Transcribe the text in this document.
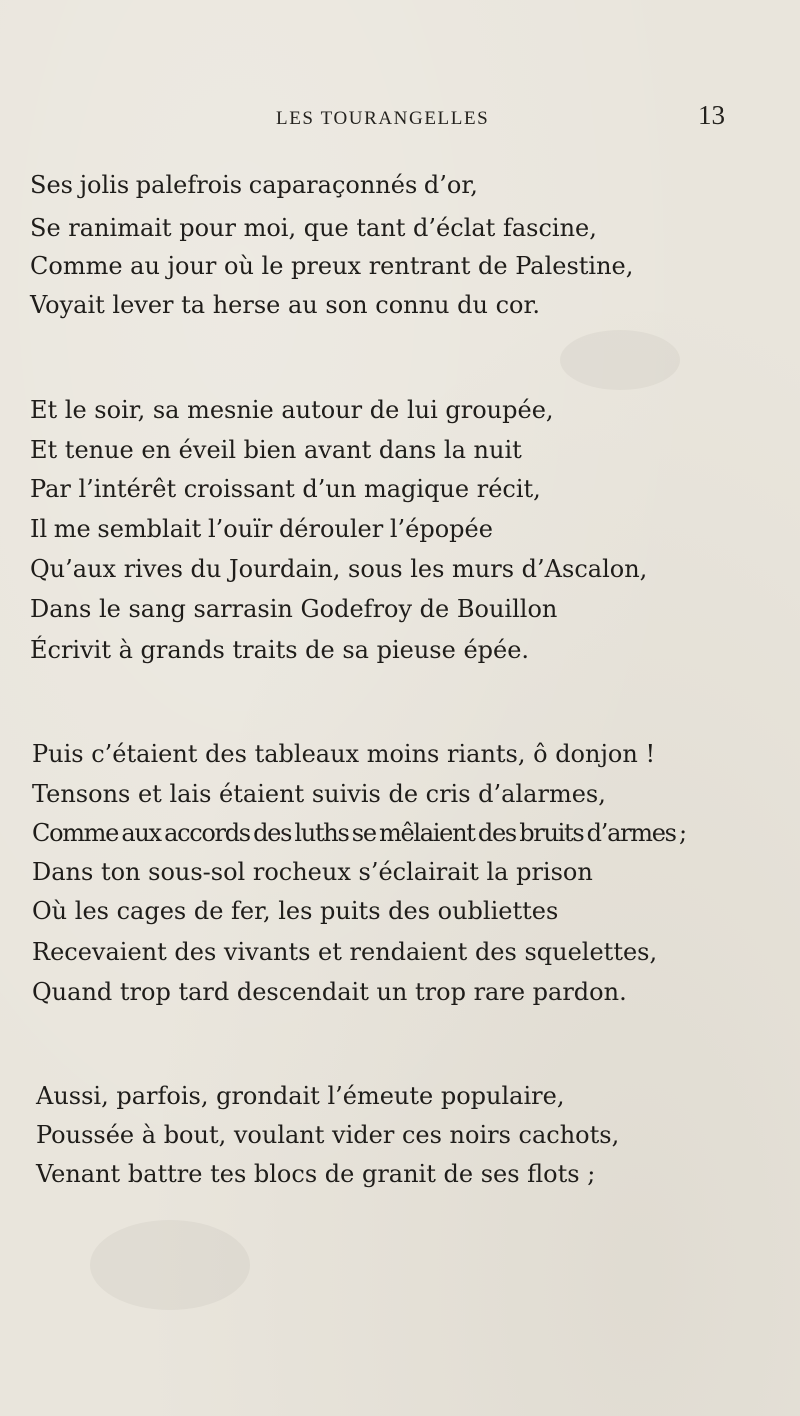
LES TOURANGELLES	13
Ses jolis palefrois caparaçonnés d’or,
Se ranimait pour moi, que tant d’éclat fascine,
Comme au jour où le preux rentrant de Palestine,
Voyait lever ta herse au son connu du cor.
Et le soir, sa mesnie autour de lui groupée,
Et tenue en éveil bien avant dans la nuit
Par l’intérêt croissant d’un magique récit,
Il me semblait l’ouïr dérouler l’épopée
Qu’aux rives du Jourdain, sous les murs d’Ascalon,
Dans le sang sarrasin Godefroy de Bouillon
Écrivit à grands traits de sa pieuse épée.
Puis c’étaient des tableaux moins riants, ô donjon !
Tensons et lais étaient suivis de cris d’alarmes,
Comme aux accords des luths se mêlaient des bruits d’armes ;
Dans ton sous-sol rocheux s’éclairait la prison
Où les cages de fer, les puits des oubliettes
Recevaient des vivants et rendaient des squelettes,
Quand trop tard descendait un trop rare pardon.
Aussi, parfois, grondait l’émeute populaire,
Poussée à bout, voulant vider ces noirs cachots,
Venant battre tes blocs de granit de ses flots ;
